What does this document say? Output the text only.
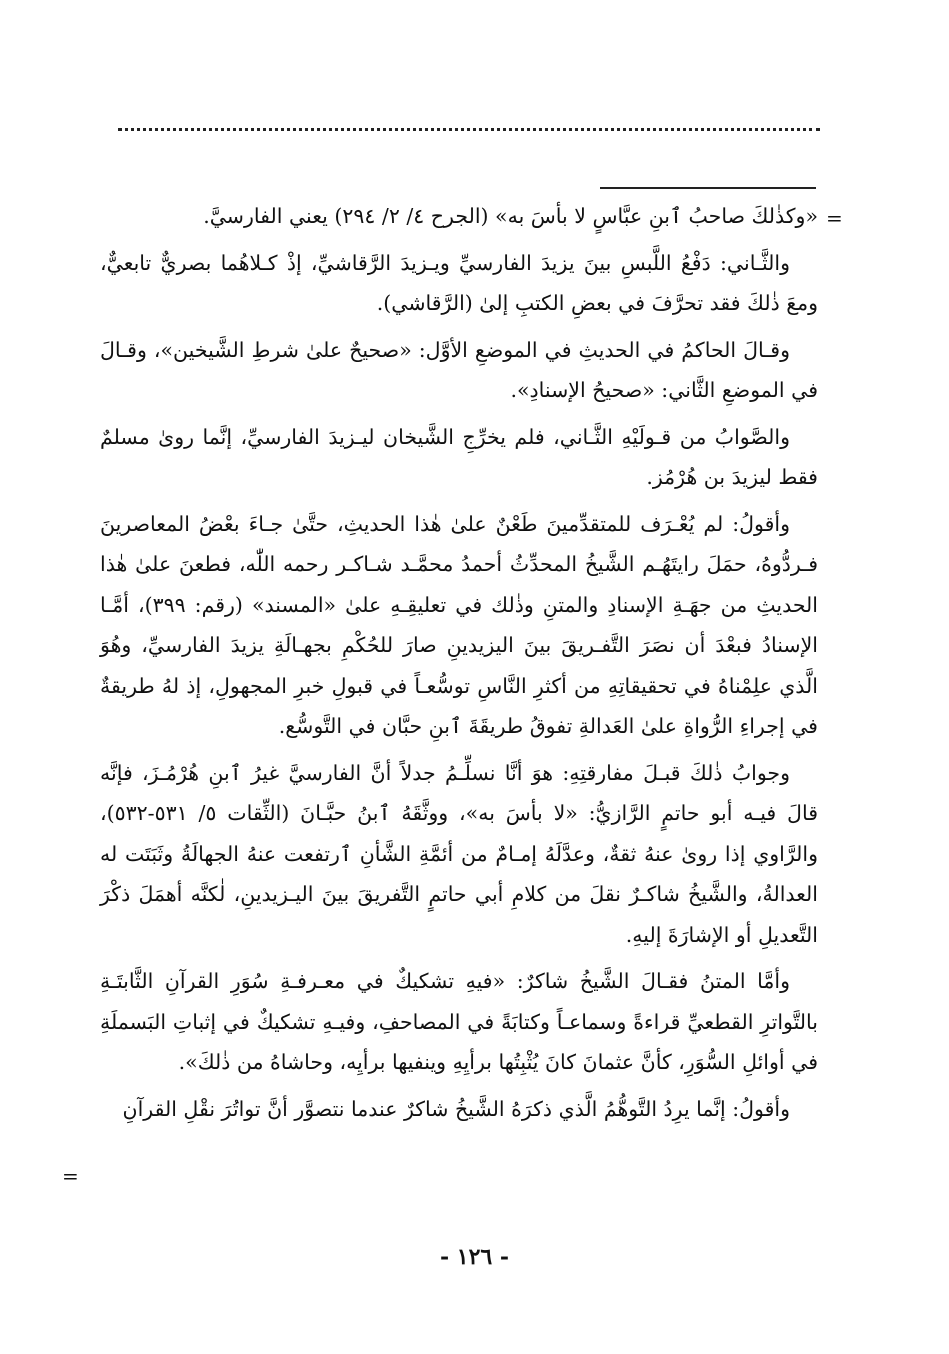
=

«وكذٰلكَ صاحبُ ٱبنِ عبَّاسٍ لا بأسَ به» (الجرح ٤/ ٢/ ٢٩٤) يعني الفارسيَّ.

والثَّـاني: دَفْعُ اللَّبسِ بينَ يزيدَ الفارسيِّ ويـزيدَ الرَّقاشيِّ، إذْ كـلاهُما بصريٌّ تابعيٌّ، ومعَ ذٰلكَ فقد تحرَّفَ في بعضِ الكتبِ إلىٰ (الرَّقاشي).

وقـالَ الحاكمُ في الحديثِ في الموضعِ الأوَّل: «صحيحٌ علىٰ شرطِ الشَّيخين»، وقـالَ في الموضعِ الثَّاني: «صحيحُ الإسنادِ».

والصَّوابُ من قـولَيْهِ الثَّـاني، فلم يخرِّجِ الشَّيخان ليـزيدَ الفارسيِّ، إنَّما روىٰ مسلمٌ فقط ليزيدَ بن هُرْمُز.

وأقولُ: لم يُعْـرَف للمتقدِّمينَ طَعْنٌ علىٰ هٰذا الحديثِ، حتَّىٰ جـاءَ بعْضُ المعاصرينَ فـردُّوهُ، حمَلَ رايتَهُـم الشَّيخُ المحدِّثُ أحمدُ محمَّـد شـاكـر رحمه اللّٰه، فطعنَ علىٰ هٰذا الحديثِ من جهَـةِ الإسنادِ والمتنِ وذٰلك في تعليقِـهِ علىٰ «المسند» (رقم: ٣٩٩)، أمَّـا الإسنادُ فبعْدَ أن نصَرَ التَّفـريقَ بينَ اليزيدينِ صارَ للحُكْمِ بجهـالَةِ يزيدَ الفارسيِّ، وهُوَ الَّذي علِمْناهُ في تحقيقاتِهِ من أكثرِ النَّاسِ توسُّعـاً في قبولِ خبرِ المجهولِ، إذ لهُ طريقةٌ في إجراءِ الرُّواةِ علىٰ العَدالةِ تفوقُ طريقَةَ ٱبنِ حبَّان في التَّوسُّع.

وجوابُ ذٰلكَ قبـلَ مفارقتِهِ: هوَ أنَّا نسلِّـمُ جدلاً أنَّ الفارسيَّ غيرُ ٱبنِ هُرْمُـزَ، فإنَّه قالَ فيـه أبو حاتمٍ الرَّازيُّ: «لا بأسَ به»، ووثَّقَهُ ٱبنُ حبَّـانَ (الثِّقات ٥/ ٥٣١-٥٣٢)، والرَّاوي إذا روىٰ عنهُ ثقةٌ، وعدَّلَهُ إمـامٌ من أئمَّةِ الشَّأنِ ٱرتفعت عنهُ الجهالَةُ وثَبَتَت له العدالةُ، والشَّيخُ شاكـرٌ نقلَ من كلامِ أبي حاتمٍ التَّفريقَ بينَ اليـزيدينِ، لٰكنَّه أهمَلَ ذكْرَ التَّعديلِ أو الإشارَةَ إليهِ.

وأمَّا المتنُ فقـالَ الشَّيخُ شاكرٌ: «فيهِ تشكيكٌ في معـرفـةِ سُوَرِ القرآنِ الثَّابتَـةِ بالتَّواترِ القطعيِّ قراءةً وسماعـاً وكتابَةً في المصاحفِ، وفيـهِ تشكيكٌ في إثباتِ البَسملَةِ في أوائلِ السُّوَرِ، كأنَّ عثمانَ كانَ يُثْبِتُها برأيِهِ وينفيها برأيِه، وحاشاهُ من ذٰلكَ».

وأقولُ: إنَّما يرِدُ التَّوهُّمُ الَّذي ذكرَهُ الشَّيخُ شاكرٌ عندما نتصوَّر أنَّ تواتُرَ نقْلِ القرآنِ

=
- ١٢٦ -
